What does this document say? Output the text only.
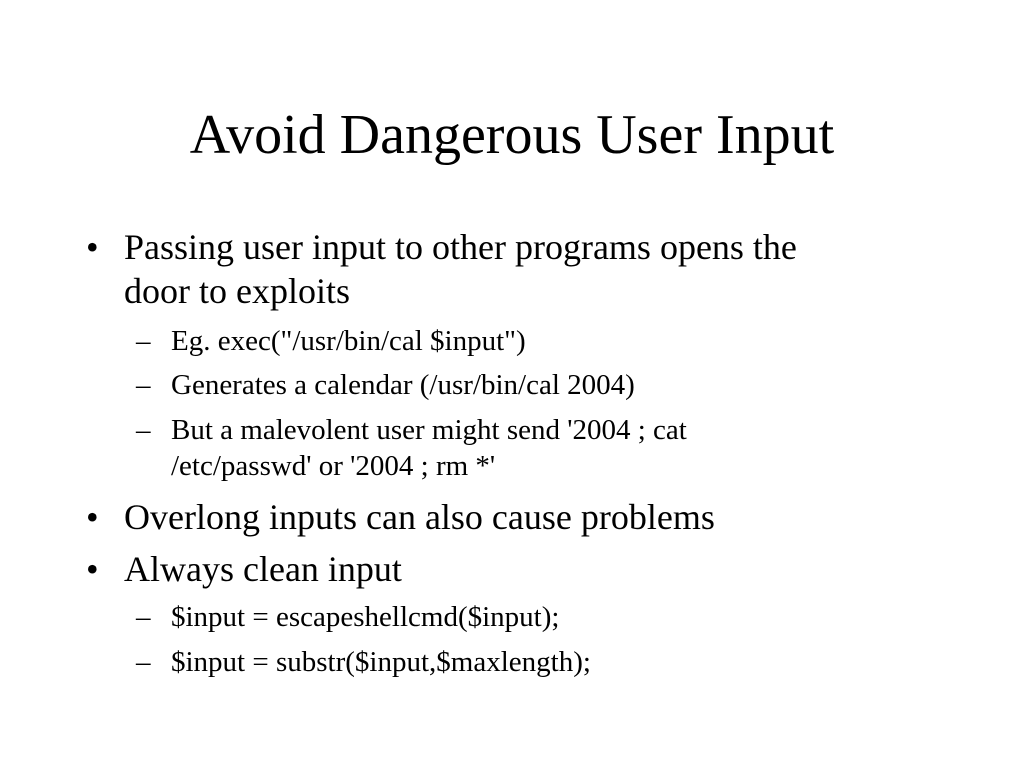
Avoid Dangerous User Input
• Passing user input to other programs opens the
door to exploits
– Eg. exec("/usr/bin/cal $input")
– Generates a calendar (/usr/bin/cal 2004)
– But a malevolent user might send '2004 ; cat
/etc/passwd' or '2004 ; rm *'
• Overlong inputs can also cause problems
• Always clean input
– $input = escapeshellcmd($input);
– $input = substr($input,$maxlength);
